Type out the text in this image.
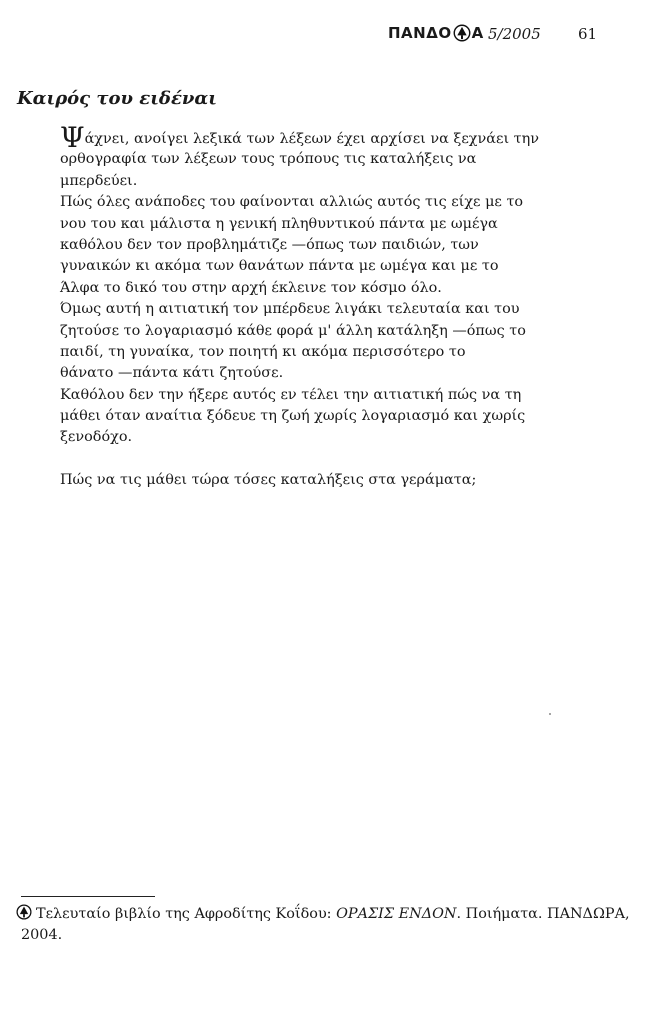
ΠΑΝΔΟ Α 5/2005 61
Καιρός του ειδέναι
Ψάχνει, ανοίγει λεξικά των λέξεων έχει αρχίσει να ξεχνάει την
ορθογραφία των λέξεων τους τρόπους τις καταλήξεις να
μπερδεύει.
Πώς όλες ανάποδες του φαίνονται αλλιώς αυτός τις είχε με το
νου του και μάλιστα η γενική πληθυντικού πάντα με ωμέγα
καθόλου δεν τον προβλημάτιζε —όπως των παιδιών, των
γυναικών κι ακόμα των θανάτων πάντα με ωμέγα και με το
Άλφα το δικό του στην αρχή έκλεινε τον κόσμο όλο.
Όμως αυτή η αιτιατική τον μπέρδευε λιγάκι τελευταία και του
ζητούσε το λογαριασμό κάθε φορά μ' άλλη κατάληξη —όπως το
παιδί, τη γυναίκα, τον ποιητή κι ακόμα περισσότερο το
θάνατο —πάντα κάτι ζητούσε.
Καθόλου δεν την ήξερε αυτός εν τέλει την αιτιατική πώς να τη
μάθει όταν αναίτια ξόδευε τη ζωή χωρίς λογαριασμό και χωρίς
ξενοδόχο.
Πώς να τις μάθει τώρα τόσες καταλήξεις στα γεράματα;
Τελευταίο βιβλίο της Αφροδίτης Κοΐδου: ΟΡΑΣΙΣ ΕΝΔΟΝ. Ποιήματα. ΠΑΝΔΩΡΑ,
2004.
